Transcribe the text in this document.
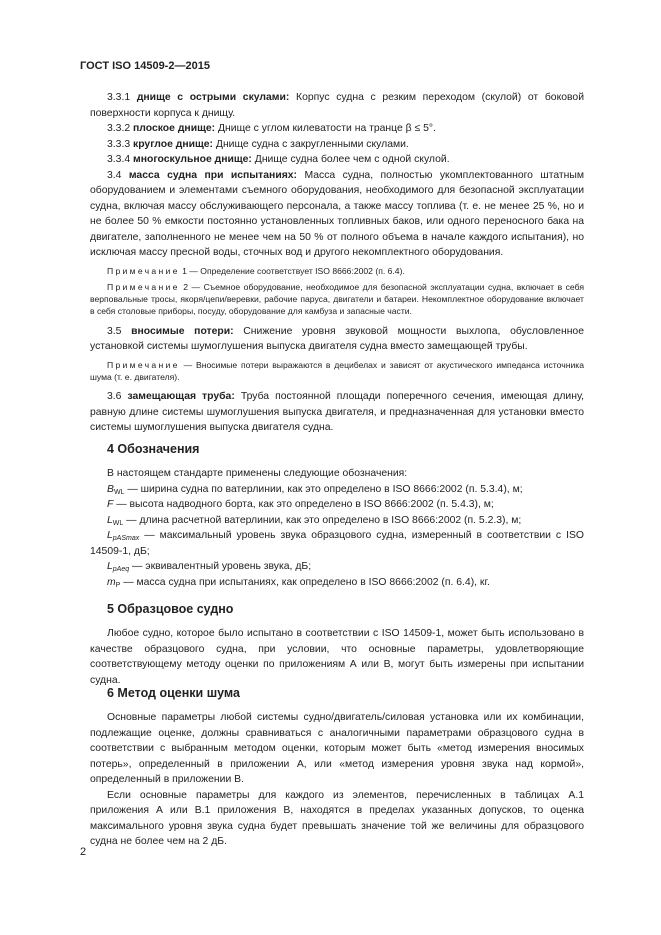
ГОСТ ISO 14509-2—2015

3.3.1 днище с острыми скулами: Корпус судна с резким переходом (скулой) от боковой поверхности корпуса к днищу.

3.3.2 плоское днище: Днище с углом килеватости на транце β ≤ 5°.

3.3.3 круглое днище: Днище судна с закругленными скулами.

3.3.4 многоскульное днище: Днище судна более чем с одной скулой.

3.4 масса судна при испытаниях: Масса судна, полностью укомплектованного штатным оборудованием и элементами съемного оборудования, необходимого для безопасной эксплуатации судна, включая массу обслуживающего персонала, а также массу топлива (т. е. не менее 25 %, но и не более 50 % емкости постоянно установленных топливных баков, или одного переносного бака на двигателе, заполненного не менее чем на 50 % от полного объема в начале каждого испытания), но исключая массу пресной воды, сточных вод и другого некомплектного оборудования.

Примечание 1 — Определение соответствует ISO 8666:2002 (п. 6.4).

Примечание 2 — Съемное оборудование, необходимое для безопасной эксплуатации судна, включает в себя верповальные тросы, якоря/цепи/веревки, рабочие паруса, двигатели и батареи. Некомплектное оборудование включает в себя столовые приборы, посуду, оборудование для камбуза и запасные части.

3.5 вносимые потери: Снижение уровня звуковой мощности выхлопа, обусловленное установкой системы шумоглушения выпуска двигателя судна вместо замещающей трубы.

Примечание — Вносимые потери выражаются в децибелах и зависят от акустического импеданса источника шума (т. е. двигателя).

3.6 замещающая труба: Труба постоянной площади поперечного сечения, имеющая длину, равную длине системы шумоглушения выпуска двигателя, и предназначенная для установки вместо системы шумоглушения выпуска двигателя судна.

4 Обозначения

В настоящем стандарте применены следующие обозначения:

$B_{WL}$ — ширина судна по ватерлинии, как это определено в ISO 8666:2002 (п. 5.3.4), м;

F — высота надводного борта, как это определено в ISO 8666:2002 (п. 5.4.3), м;

$L_{WL}$ — длина расчетной ватерлинии, как это определено в ISO 8666:2002 (п. 5.2.3), м;

$L_{pASmax}$ — максимальный уровень звука образцового судна, измеренный в соответствии с ISO 14509-1, дБ;

$L_{pAeq}$ — эквивалентный уровень звука, дБ;

$m_P$ — масса судна при испытаниях, как определено в ISO 8666:2002 (п. 6.4), кг.

5 Образцовое судно

Любое судно, которое было испытано в соответствии с ISO 14509-1, может быть использовано в качестве образцового судна, при условии, что основные параметры, удовлетворяющие соответствующему методу оценки по приложениям А или В, могут быть измерены при испытании судна.

6 Метод оценки шума

Основные параметры любой системы судно/двигатель/силовая установка или их комбинации, подлежащие оценке, должны сравниваться с аналогичными параметрами образцового судна в соответствии с выбранным методом оценки, которым может быть «метод измерения вносимых потерь», определенный в приложении А, или «метод измерения уровня звука над кормой», определенный в приложении В.

Если основные параметры для каждого из элементов, перечисленных в таблицах А.1 приложения А или В.1 приложения В, находятся в пределах указанных допусков, то оценка максимального уровня звука судна будет превышать значение той же величины для образцового судна не более чем на 2 дБ.

2
